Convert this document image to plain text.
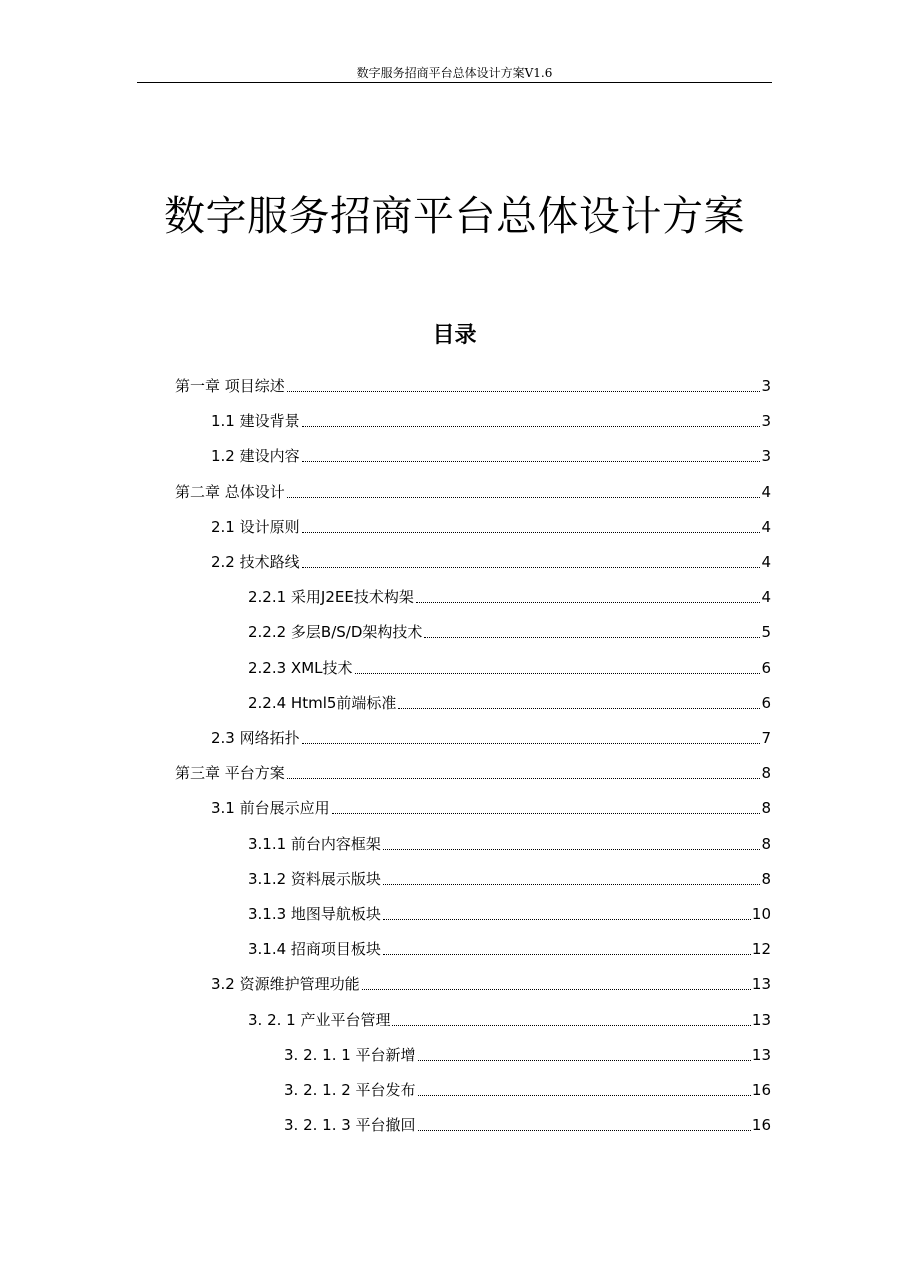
数字服务招商平台总体设计方案V1.6
数字服务招商平台总体设计方案
目录
第一章 项目综述	3
1.1 建设背景	3
1.2 建设内容	3
第二章 总体设计	4
2.1 设计原则	4
2.2 技术路线	4
2.2.1 采用J2EE技术构架	4
2.2.2 多层B/S/D架构技术	5
2.2.3 XML技术	6
2.2.4 Html5前端标准	6
2.3 网络拓扑	7
第三章 平台方案	8
3.1 前台展示应用	8
3.1.1 前台内容框架	8
3.1.2 资料展示版块	8
3.1.3 地图导航板块	10
3.1.4 招商项目板块	12
3.2 资源维护管理功能	13
3. 2. 1 产业平台管理	13
3. 2. 1. 1 平台新增	13
3. 2. 1. 2 平台发布	16
3. 2. 1. 3 平台撤回	16
